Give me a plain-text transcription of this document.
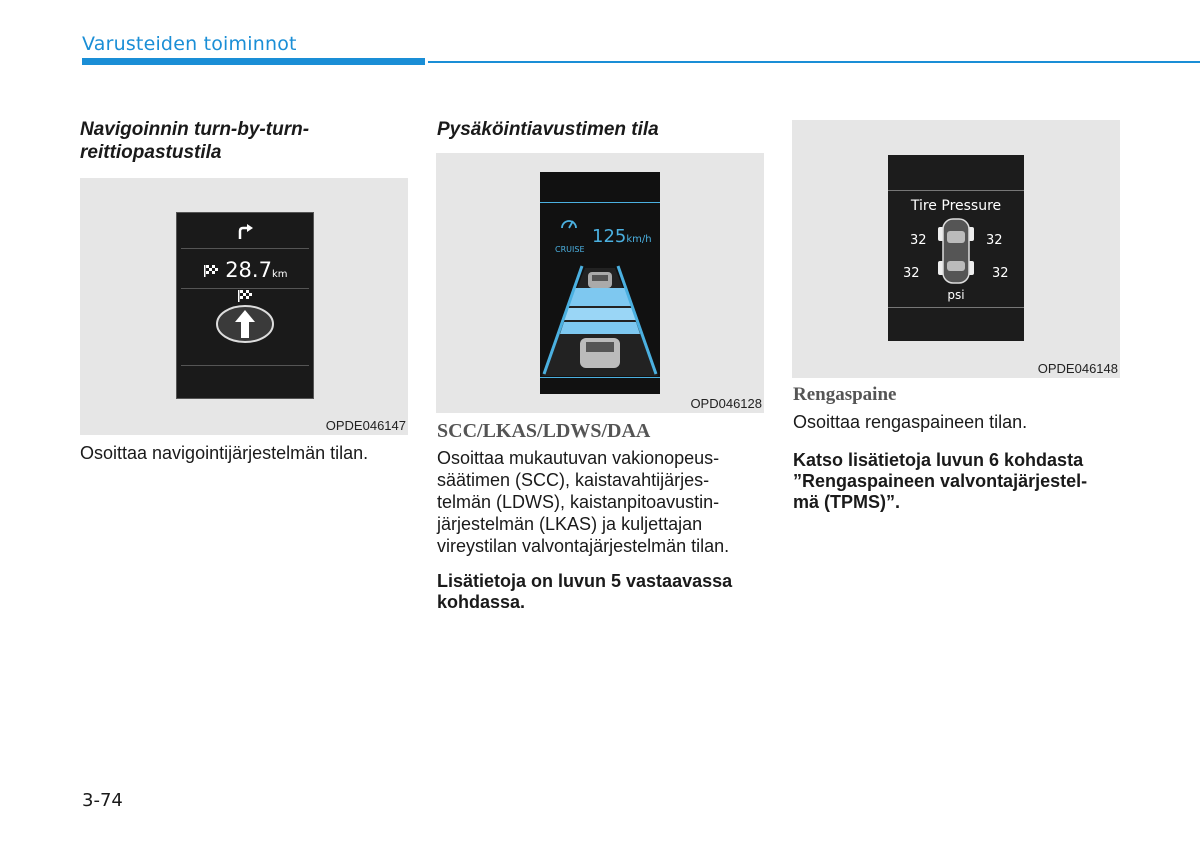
Varusteiden toiminnot
Navigoinnin turn-by-turn-
reittiopastustila
28.7km
OPDE046147
Osoittaa navigointijärjestelmän tilan.
Pysäköintiavustimen tila
CRUISE
125km/h
OPD046128
SCC/LKAS/LDWS/DAA
Osoittaa mukautuvan vakionopeus-
säätimen (SCC), kaistavahtijärjes-
telmän (LDWS), kaistanpitoavustin-
järjestelmän (LKAS) ja kuljettajan
vireystilan valvontajärjestelmän tilan.
Lisätietoja on luvun 5 vastaavassa
kohdassa.
Tire Pressure
32	32
32	32
psi
OPDE046148
Rengaspaine
Osoittaa rengaspaineen tilan.
Katso lisätietoja luvun 6 kohdasta
”Rengaspaineen valvontajärjestel-
mä (TPMS)”.
3-74
